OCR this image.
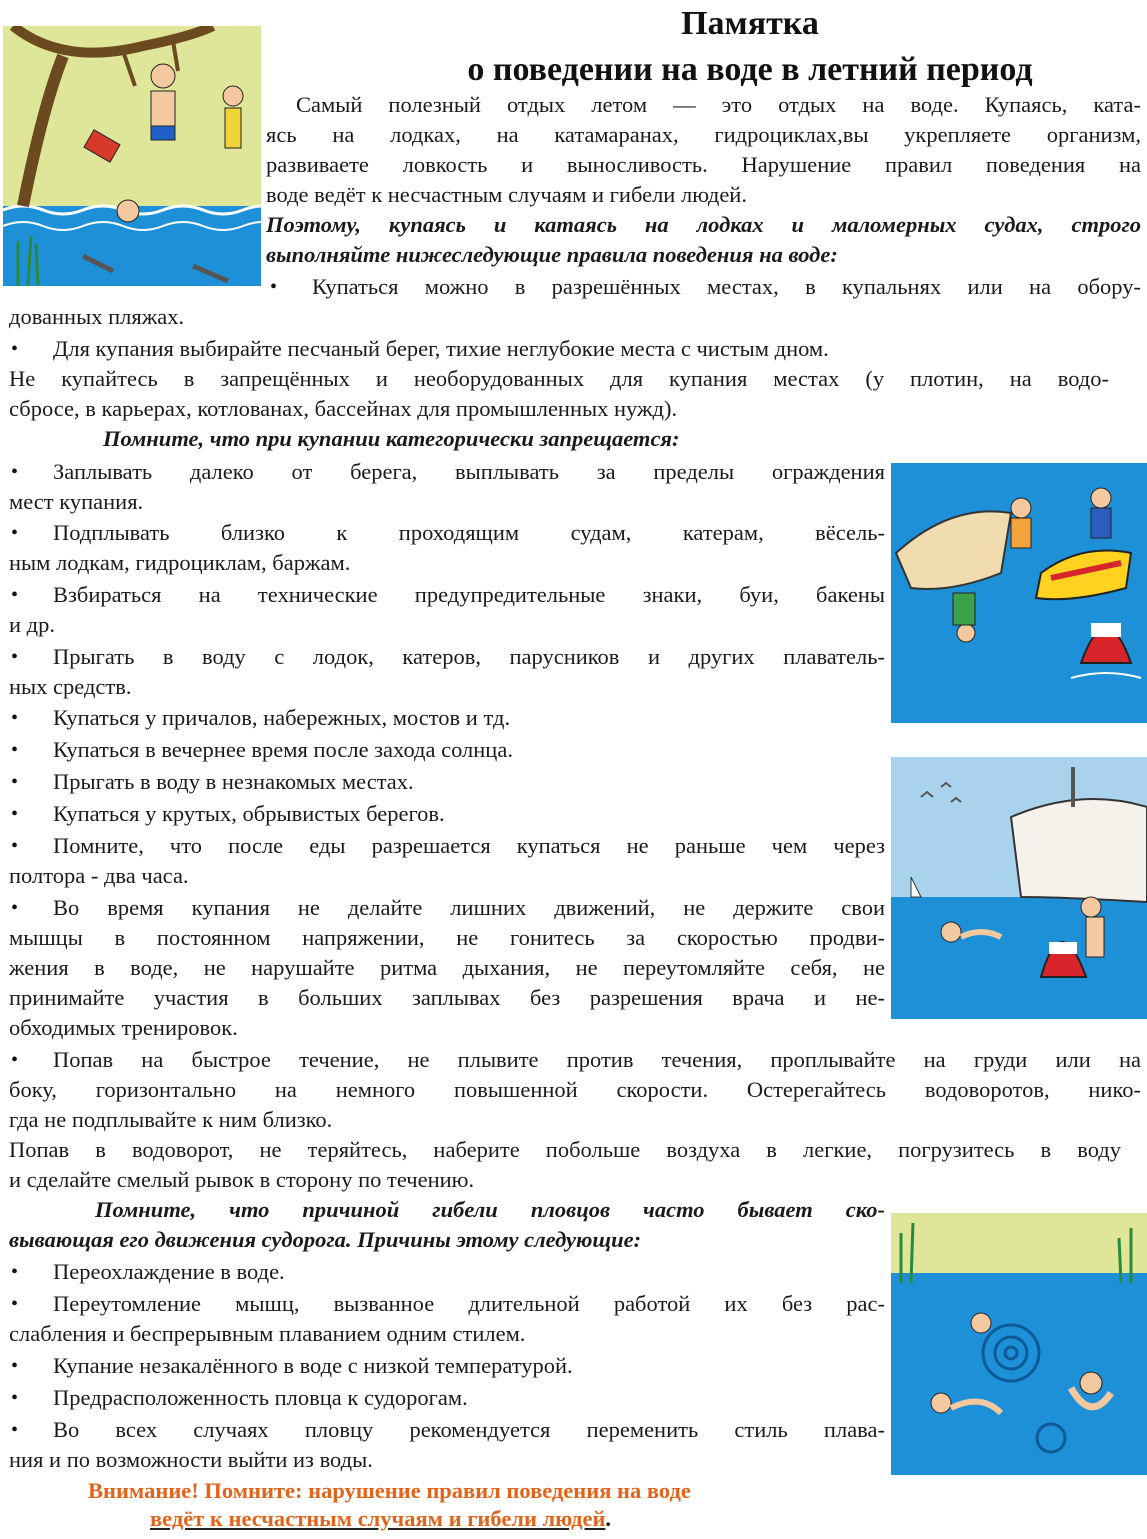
Памятка
о поведении на воде в летний период
Самый полезный отдых летом — это отдых на воде. Купаясь, ката-
ясь на лодках, на катамаранах, гидроциклах,вы укрепляете организм,
развиваете ловкость и выносливость. Нарушение правил поведения на
воде ведёт к несчастным случаям и гибели людей.
Поэтому, купаясь и катаясь на лодках и маломерных судах, строго
выполняйте нижеследующие правила поведения на воде:
• Купаться можно в разрешённых местах, в купальнях или на обору-
дованных пляжах.
• Для купания выбирайте песчаный берег, тихие неглубокие места с чистым дном.
Не купайтесь в запрещённых и необорудованных для купания местах (у плотин, на водо-
сбросе, в карьерах, котлованах, бассейнах для промышленных нужд).
Помните, что при купании категорически запрещается:
• Заплывать далеко от берега, выплывать за пределы ограждения
мест купания.
• Подплывать близко к проходящим судам, катерам, вёсель-
ным лодкам, гидроциклам, баржам.
• Взбираться на технические предупредительные знаки, буи, бакены
и др.
• Прыгать в воду с лодок, катеров, парусников и других плаватель-
ных средств.
• Купаться у причалов, набережных, мостов и тд.
• Купаться в вечернее время после захода солнца.
• Прыгать в воду в незнакомых местах.
• Купаться у крутых, обрывистых берегов.
• Помните, что после еды разрешается купаться не раньше чем через
полтора - два часа.
• Во время купания не делайте лишних движений, не держите свои
мышцы в постоянном напряжении, не гонитесь за скоростью продви-
жения в воде, не нарушайте ритма дыхания, не переутомляйте себя, не
принимайте участия в больших заплывах без разрешения врача и не-
обходимых тренировок.
• Попав на быстрое течение, не плывите против течения, проплывайте на груди или на
боку, горизонтально на немного повышенной скорости. Остерегайтесь водоворотов, нико-
гда не подплывайте к ним близко.
Попав в водоворот, не теряйтесь, наберите побольше воздуха в легкие, погрузитесь в воду
и сделайте смелый рывок в сторону по течению.
Помните, что причиной гибели пловцов часто бывает ско-
вывающая его движения судорога. Причины этому следующие:
• Переохлаждение в воде.
• Переутомление мышц, вызванное длительной работой их без рас-
слабления и беспрерывным плаванием одним стилем.
• Купание незакалённого в воде с низкой температурой.
• Предрасположенность пловца к судорогам.
• Во всех случаях пловцу рекомендуется переменить стиль плава-
ния и по возможности выйти из воды.
Внимание! Помните: нарушение правил поведения на воде
ведёт к несчастным случаям и гибели людей.
